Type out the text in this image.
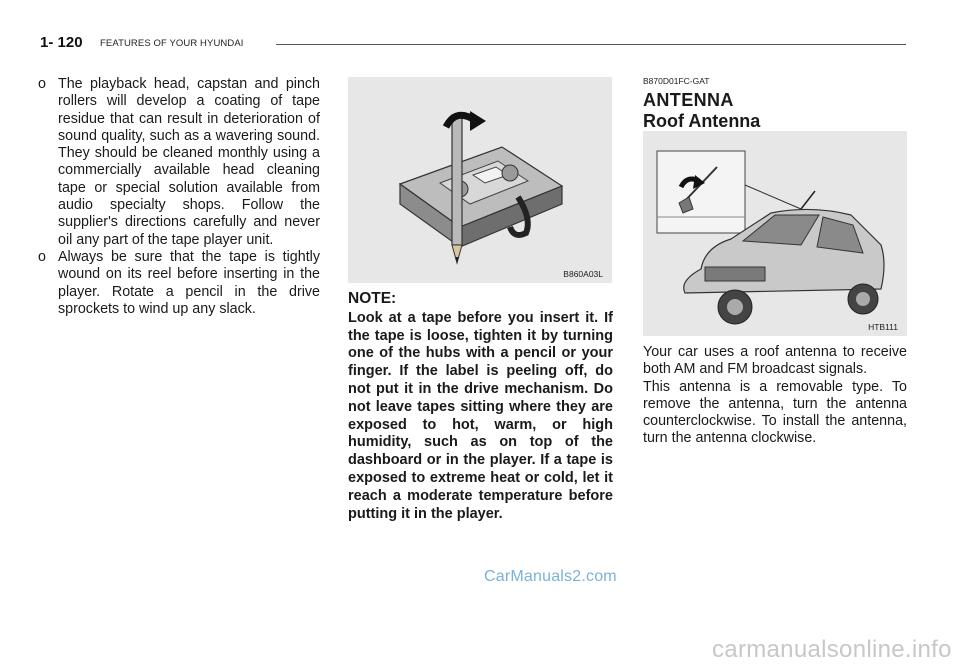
1- 120 FEATURES OF YOUR HYUNDAI
o The playback head, capstan and pinch rollers will develop a coating of tape residue that can result in deterioration of sound quality, such as a wavering sound. They should be cleaned monthly using a commercially available head cleaning tape or special solution available from audio specialty shops. Follow the supplier's directions carefully and never oil any part of the tape player unit.
o Always be sure that the tape is tightly wound on its reel before inserting in the player. Rotate a pencil in the drive sprockets to wind up any slack.
B860A03L
NOTE:

Look at a tape before you insert it. If the tape is loose, tighten it by turning one of the hubs with a pencil or your finger. If the label is peeling off, do not put it in the drive mechanism. Do not leave tapes sitting where they are exposed to hot, warm, or high humidity, such as on top of the dashboard or in the player. If a tape is exposed to extreme heat or cold, let it reach a moderate temperature before putting it in the player.

B870D01FC-GAT
ANTENNA
Roof Antenna
HTB111

Your car uses a roof antenna to receive both AM and FM broadcast signals.

This antenna is a removable type. To remove the antenna, turn the antenna counterclockwise. To install the antenna, turn the antenna clockwise.

CarManuals2.com
carmanualsonline.info
